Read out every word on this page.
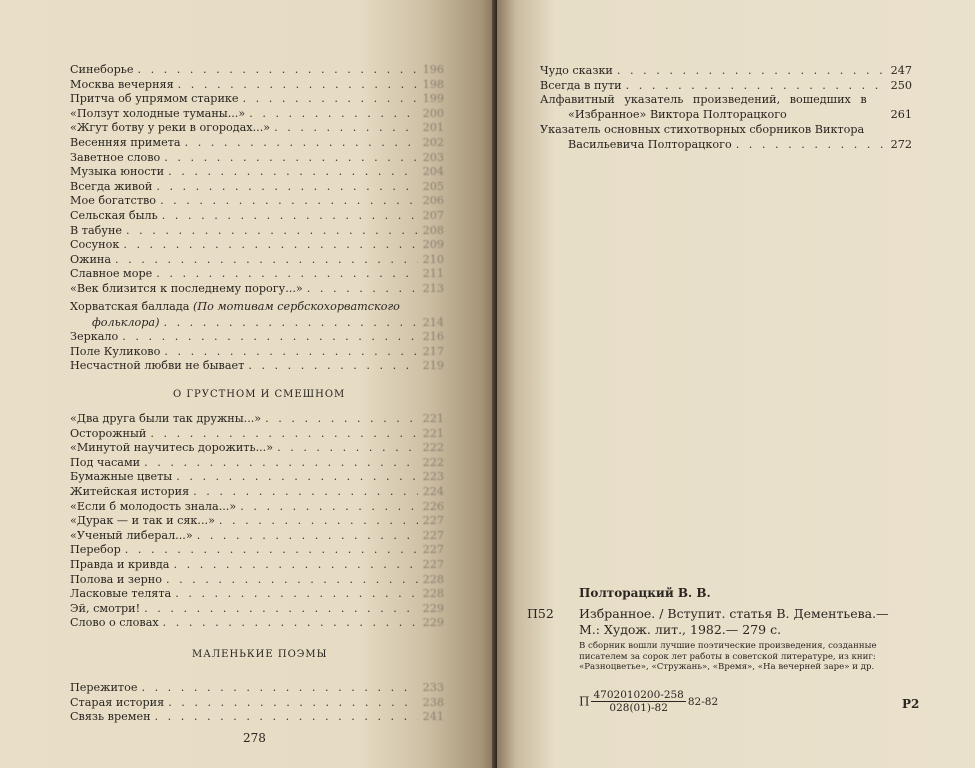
Синеборье . . .	196
Москва вечерняя . . .	198
Притча об упрямом старике . . .	199
«Ползут холодные туманы...» . . .	200
«Жгут ботву у реки в огородах...» . . .	201
Весенняя примета . . .	202
Заветное слово . . .	203
Музыка юности . . .	204
Всегда живой . . .	205
Мое богатство . . .	206
Сельская быль . . .	207
В табуне . . .	208
Сосунок . . .	209
Ожина . . .	210
Славное море . . .	211
«Век близится к последнему порогу...» . . .	213
Зеркало . . .	216
Поле Куликово . . .	217
Несчастной любви не бывает . . .	219
«Два друга были так дружны...» . . .	221
Осторожный . . .	221
«Минутой научитесь дорожить...» . . .	222
Под часами . . .	222
Бумажные цветы . . .	223
Житейская история . . .	224
«Если б молодость знала...» . . .	226
«Дурак — и так и сяк...» . . .	227
«Ученый либерал...» . . .	227
Перебор . . .	227
Правда и кривда . . .	227
Полова и зерно . . .	228
Ласковые телята . . .	228
Эй, смотри! . . .	229
Слово о словах . . .	229
Пережитое . . .	233
Старая история . . .	238
Связь времен . . .	241
О ГРУСТНОМ И СМЕШНОМ
МАЛЕНЬКИЕ ПОЭМЫ
Хорватская баллада (По мотивам сербскохорватского
фольклора) . . .	214
278
Чудо сказки . . .	247
Всегда в пути . . .	250
Алфавитный указатель произведений, вошедших в
«Избранное» Виктора Полторацкого	261
Указатель основных стихотворных сборников Виктора
Васильевича Полторацкого . . .	272
Полторацкий В. В.
П52 Избранное. / Вступит. статья В. Дементьева.—
М.: Худож. лит., 1982.— 279 с.
В сборник вошли лучшие поэтические произведения, созданные писателем за сорок лет работы в советской литературе, из книг: «Разноцветье», «Стружань», «Время», «На вечерней заре» и др.
П $\frac{4702010200-258}{028(01)-82} 82-82$	Р2
